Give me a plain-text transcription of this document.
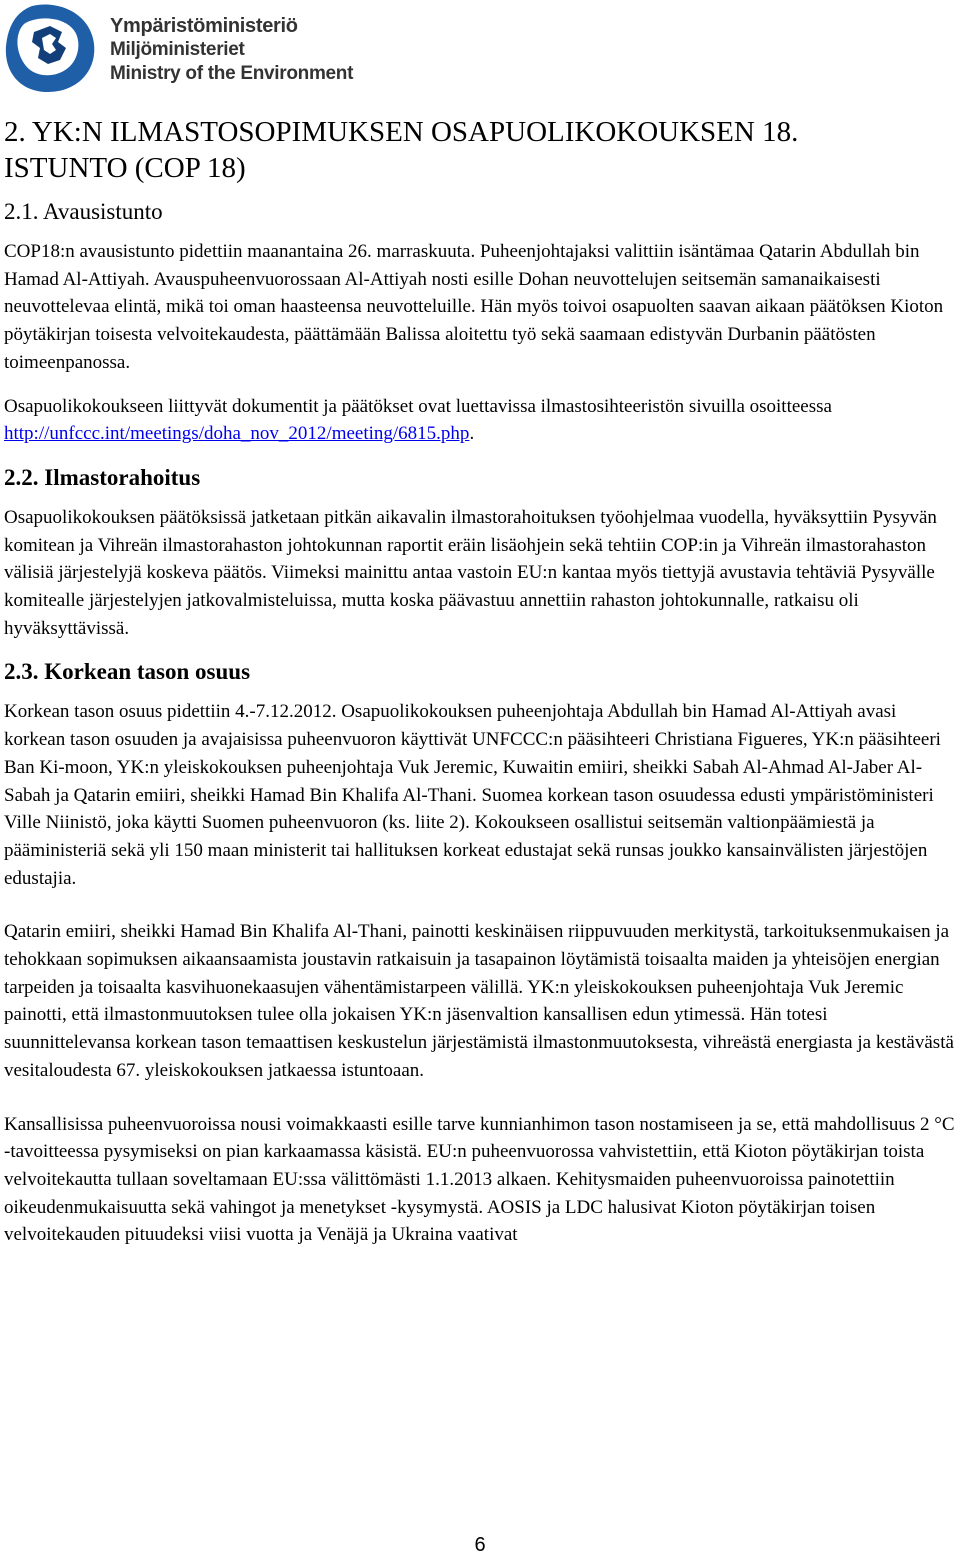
Ympäristöministeriö
Miljöministeriet
Ministry of the Environment
2. YK:N ILMASTOSOPIMUKSEN OSAPUOLIKOKOUKSEN 18.
ISTUNTO (COP 18)
2.1. Avausistunto

COP18:n avausistunto pidettiin maanantaina 26. marraskuuta. Puheenjohtajaksi valittiin isäntämaa Qatarin Abdullah bin Hamad Al-Attiyah. Avauspuheenvuorossaan Al-Attiyah nosti esille Dohan neuvottelujen seitsemän samanaikaisesti neuvottelevaa elintä, mikä toi oman haasteensa neuvotteluille. Hän myös toivoi osapuolten saavan aikaan päätöksen Kioton pöytäkirjan toisesta velvoitekaudesta, päättämään Balissa aloitettu työ sekä saamaan edistyvän Durbanin päätösten toimeenpanossa.

Osapuolikokoukseen liittyvät dokumentit ja päätökset ovat luettavissa ilmastosihteeristön sivuilla osoitteessa http://unfccc.int/meetings/doha_nov_2012/meeting/6815.php.

2.2. Ilmastorahoitus

Osapuolikokouksen päätöksissä jatketaan pitkän aikavalin ilmastorahoituksen työohjelmaa vuodella, hyväksyttiin Pysyvän komitean ja Vihreän ilmastorahaston johtokunnan raportit eräin lisäohjein sekä tehtiin COP:in ja Vihreän ilmastorahaston välisiä järjestelyjä koskeva päätös. Viimeksi mainittu antaa vastoin EU:n kantaa myös tiettyjä avustavia tehtäviä Pysyvälle komitealle järjestelyjen jatkovalmisteluissa, mutta koska päävastuu annettiin rahaston johtokunnalle, ratkaisu oli hyväksyttävissä.

2.3. Korkean tason osuus

Korkean tason osuus pidettiin 4.-7.12.2012. Osapuolikokouksen puheenjohtaja Abdullah bin Hamad Al-Attiyah avasi korkean tason osuuden ja avajaisissa puheenvuoron käyttivät UNFCCC:n pääsihteeri Christiana Figueres, YK:n pääsihteeri Ban Ki-moon, YK:n yleiskokouksen puheenjohtaja Vuk Jeremic, Kuwaitin emiiri, sheikki Sabah Al-Ahmad Al-Jaber Al-Sabah ja Qatarin emiiri, sheikki Hamad Bin Khalifa Al-Thani. Suomea korkean tason osuudessa edusti ympäristöministeri Ville Niinistö, joka käytti Suomen puheenvuoron (ks. liite 2). Kokoukseen osallistui seitsemän valtionpäämiestä ja pääministeriä sekä yli 150 maan ministerit tai hallituksen korkeat edustajat sekä runsas joukko kansainvälisten järjestöjen edustajia.

Qatarin emiiri, sheikki Hamad Bin Khalifa Al-Thani, painotti keskinäisen riippuvuuden merkitystä, tarkoituksenmukaisen ja tehokkaan sopimuksen aikaansaamista joustavin ratkaisuin ja tasapainon löytämistä toisaalta maiden ja yhteisöjen energian tarpeiden ja toisaalta kasvihuonekaasujen vähentämistarpeen välillä. YK:n yleiskokouksen puheenjohtaja Vuk Jeremic painotti, että ilmastonmuutoksen tulee olla jokaisen YK:n jäsenvaltion kansallisen edun ytimessä. Hän totesi suunnittelevansa korkean tason temaattisen keskustelun järjestämistä ilmastonmuutoksesta, vihreästä energiasta ja kestävästä vesitaloudesta 67. yleiskokouksen jatkaessa istuntoaan.

Kansallisissa puheenvuoroissa nousi voimakkaasti esille tarve kunnianhimon tason nostamiseen ja se, että mahdollisuus 2 °C -tavoitteessa pysymiseksi on pian karkaamassa käsistä. EU:n puheenvuorossa vahvistettiin, että Kioton pöytäkirjan toista velvoitekautta tullaan soveltamaan EU:ssa välittömästi 1.1.2013 alkaen. Kehitysmaiden puheenvuoroissa painotettiin oikeudenmukaisuutta sekä vahingot ja menetykset -kysymystä. AOSIS ja LDC halusivat Kioton pöytäkirjan toisen velvoitekauden pituudeksi viisi vuotta ja Venäjä ja Ukraina vaativat

6
